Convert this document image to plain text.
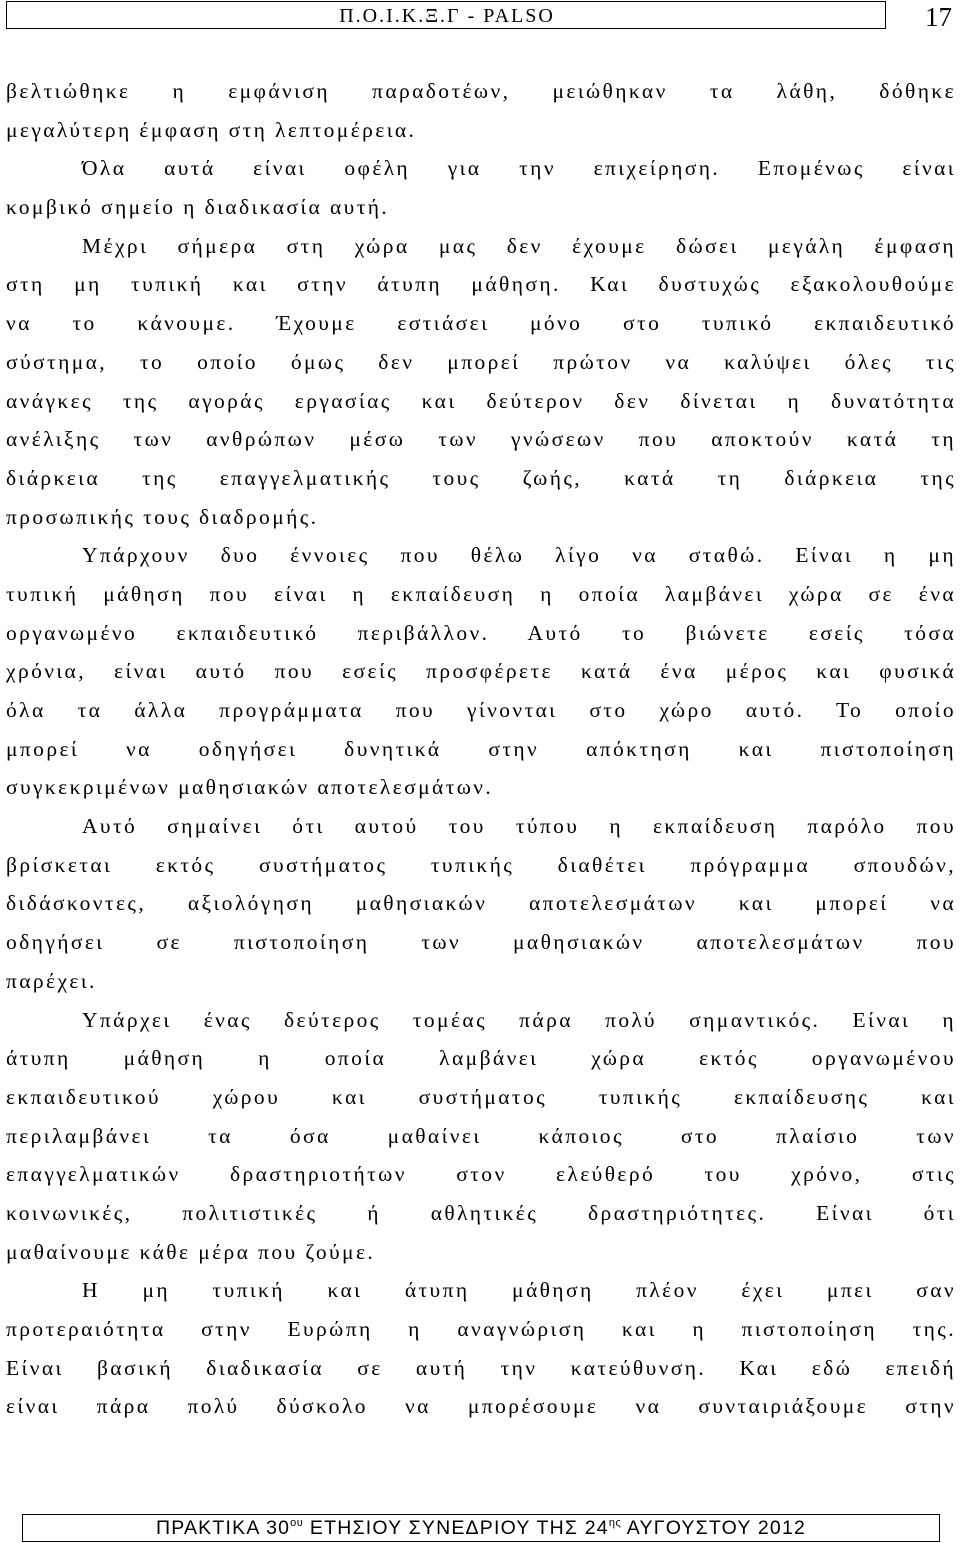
Π.Ο.Ι.Κ.Ξ.Γ - PALSO	17
βελτιώθηκε η εμφάνιση παραδοτέων, μειώθηκαν τα λάθη, δόθηκε
μεγαλύτερη έμφαση στη λεπτομέρεια.
Όλα αυτά είναι οφέλη για την επιχείρηση. Επομένως είναι
κομβικό σημείο η διαδικασία αυτή.
Μέχρι σήμερα στη χώρα μας δεν έχουμε δώσει μεγάλη έμφαση
στη μη τυπική και στην άτυπη μάθηση. Και δυστυχώς εξακολουθούμε
να το κάνουμε. Έχουμε εστιάσει μόνο στο τυπικό εκπαιδευτικό
σύστημα, το οποίο όμως δεν μπορεί πρώτον να καλύψει όλες τις
ανάγκες της αγοράς εργασίας και δεύτερον δεν δίνεται η δυνατότητα
ανέλιξης των ανθρώπων μέσω των γνώσεων που αποκτούν κατά τη
διάρκεια της επαγγελματικής τους ζωής, κατά τη διάρκεια της
προσωπικής τους διαδρομής.
Υπάρχουν δυο έννοιες που θέλω λίγο να σταθώ. Είναι η μη
τυπική μάθηση που είναι η εκπαίδευση η οποία λαμβάνει χώρα σε ένα
οργανωμένο εκπαιδευτικό περιβάλλον. Αυτό το βιώνετε εσείς τόσα
χρόνια, είναι αυτό που εσείς προσφέρετε κατά ένα μέρος και φυσικά
όλα τα άλλα προγράμματα που γίνονται στο χώρο αυτό. Το οποίο
μπορεί να οδηγήσει δυνητικά στην απόκτηση και πιστοποίηση
συγκεκριμένων μαθησιακών αποτελεσμάτων.
Αυτό σημαίνει ότι αυτού του τύπου η εκπαίδευση παρόλο που
βρίσκεται εκτός συστήματος τυπικής διαθέτει πρόγραμμα σπουδών,
διδάσκοντες, αξιολόγηση μαθησιακών αποτελεσμάτων και μπορεί να
οδηγήσει σε πιστοποίηση των μαθησιακών αποτελεσμάτων που
παρέχει.
Υπάρχει ένας δεύτερος τομέας πάρα πολύ σημαντικός. Είναι η
άτυπη μάθηση η οποία λαμβάνει χώρα εκτός οργανωμένου
εκπαιδευτικού χώρου και συστήματος τυπικής εκπαίδευσης και
περιλαμβάνει τα όσα μαθαίνει κάποιος στο πλαίσιο των
επαγγελματικών δραστηριοτήτων στον ελεύθερό του χρόνο, στις
κοινωνικές, πολιτιστικές ή αθλητικές δραστηριότητες. Είναι ότι
μαθαίνουμε κάθε μέρα που ζούμε.
Η μη τυπική και άτυπη μάθηση πλέον έχει μπει σαν
προτεραιότητα στην Ευρώπη η αναγνώριση και η πιστοποίηση της.
Είναι βασική διαδικασία σε αυτή την κατεύθυνση. Και εδώ επειδή
είναι πάρα πολύ δύσκολο να μπορέσουμε να συνταιριάξουμε στην
ΠΡΑΚΤΙΚΑ $30^{o\upsilon}$ ΕΤΗΣΙΟΥ ΣΥΝΕΔΡΙΟΥ ΤΗΣ $24^{\eta\varsigma}$ ΑΥΓΟΥΣΤΟΥ 2012
